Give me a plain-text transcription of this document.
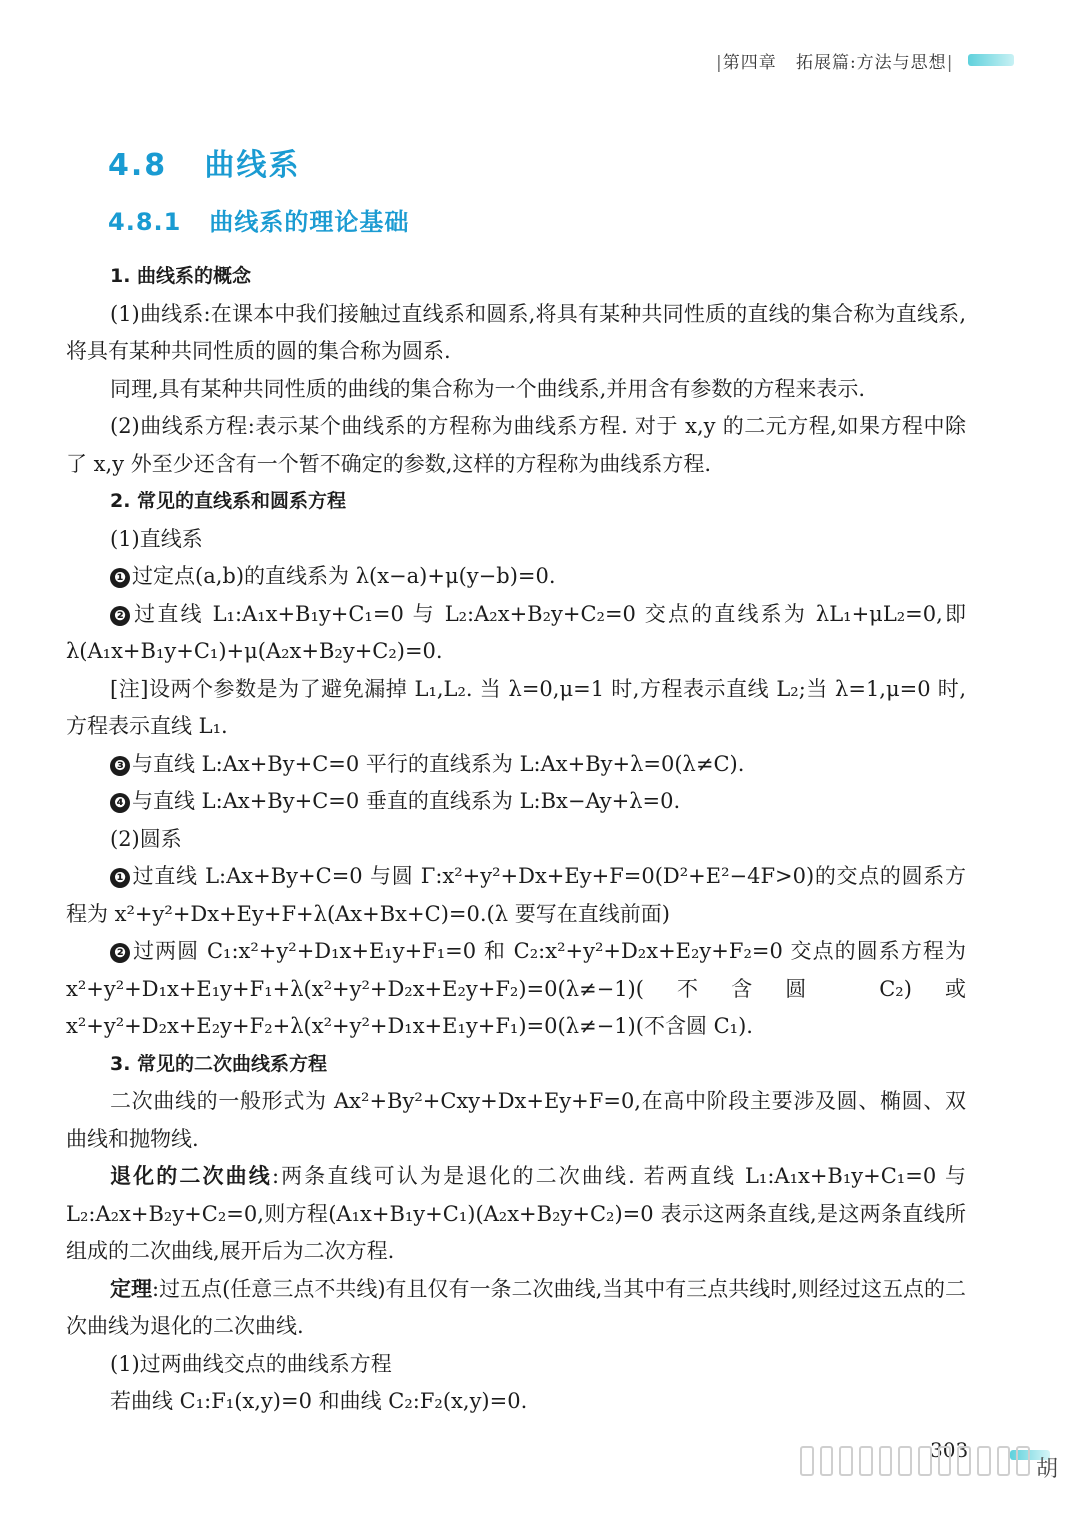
|第四章 拓展篇:方法与思想|
4.8 曲线系
4.8.1 曲线系的理论基础

1. 曲线系的概念

(1)曲线系:在课本中我们接触过直线系和圆系,将具有某种共同性质的直线的集合称为直线系,将具有某种共同性质的圆的集合称为圆系.

同理,具有某种共同性质的曲线的集合称为一个曲线系,并用含有参数的方程来表示.

(2)曲线系方程:表示某个曲线系的方程称为曲线系方程. 对于 x,y 的二元方程,如果方程中除了 x,y 外至少还含有一个暂不确定的参数,这样的方程称为曲线系方程.

2. 常见的直线系和圆系方程

(1)直线系

❶ 过定点(a,b)的直线系为 λ(x−a)+μ(y−b)=0.

❷ 过直线 L₁:A₁x+B₁y+C₁=0 与 L₂:A₂x+B₂y+C₂=0 交点的直线系为 λL₁+μL₂=0,即 λ(A₁x+B₁y+C₁)+μ(A₂x+B₂y+C₂)=0.

[注]设两个参数是为了避免漏掉 L₁,L₂. 当 λ=0,μ=1 时,方程表示直线 L₂;当 λ=1,μ=0 时,方程表示直线 L₁.

❸ 与直线 L:Ax+By+C=0 平行的直线系为 L:Ax+By+λ=0(λ≠C).

❹ 与直线 L:Ax+By+C=0 垂直的直线系为 L:Bx−Ay+λ=0.

(2)圆系

❶ 过直线 L:Ax+By+C=0 与圆 Γ:x²+y²+Dx+Ey+F=0(D²+E²−4F>0)的交点的圆系方程为 x²+y²+Dx+Ey+F+λ(Ax+Bx+C)=0.(λ 要写在直线前面)

❷ 过两圆 C₁:x²+y²+D₁x+E₁y+F₁=0 和 C₂:x²+y²+D₂x+E₂y+F₂=0 交点的圆系方程为 x²+y²+D₁x+E₁y+F₁+λ(x²+y²+D₂x+E₂y+F₂)=0(λ≠−1)(不含圆 C₂)或 x²+y²+D₂x+E₂y+F₂+λ(x²+y²+D₁x+E₁y+F₁)=0(λ≠−1)(不含圆 C₁).

3. 常见的二次曲线系方程

二次曲线的一般形式为 Ax²+By²+Cxy+Dx+Ey+F=0,在高中阶段主要涉及圆、椭圆、双曲线和抛物线.

退化的二次曲线:两条直线可认为是退化的二次曲线. 若两直线 L₁:A₁x+B₁y+C₁=0 与 L₂:A₂x+B₂y+C₂=0,则方程(A₁x+B₁y+C₁)(A₂x+B₂y+C₂)=0 表示这两条直线,是这两条直线所组成的二次曲线,展开后为二次方程.

定理:过五点(任意三点不共线)有且仅有一条二次曲线,当其中有三点共线时,则经过这五点的二次曲线为退化的二次曲线.

(1)过两曲线交点的曲线系方程

若曲线 C₁:F₁(x,y)=0 和曲线 C₂:F₂(x,y)=0.

303
胡
